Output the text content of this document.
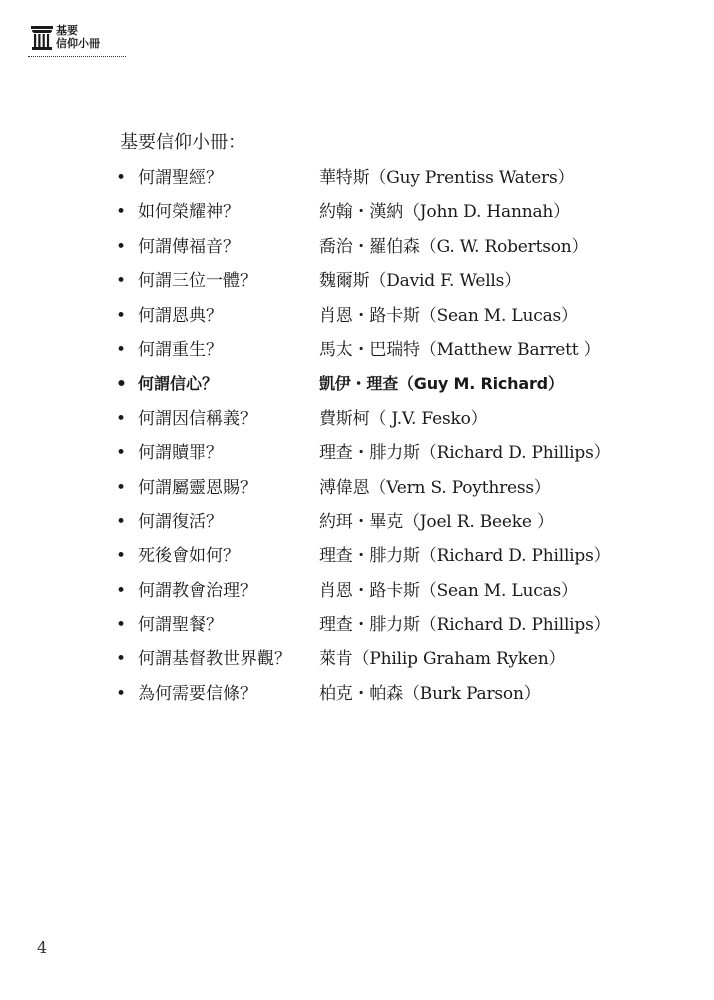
基要
信仰小冊
基要信仰小冊：
• 何謂聖經？	華特斯（Guy Prentiss Waters）
• 如何榮耀神？	約翰・漢納（John D. Hannah）
• 何謂傳福音？	喬治・羅伯森（G. W. Robertson）
• 何謂三位一體？	魏爾斯（David F. Wells）
• 何謂恩典？	肖恩・路卡斯（Sean M. Lucas）
• 何謂重生？	馬太・巴瑞特（Matthew Barrett ）
• 何謂信心？	凱伊・理查（Guy M. Richard）
• 何謂因信稱義？	費斯柯（ J.V. Fesko）
• 何謂贖罪？	理查・腓力斯（Richard D. Phillips）
• 何謂屬靈恩賜？	溥偉恩（Vern S. Poythress）
• 何謂復活？	約珥・畢克（Joel R. Beeke ）
• 死後會如何？	理查・腓力斯（Richard D. Phillips）
• 何謂教會治理？	肖恩・路卡斯（Sean M. Lucas）
• 何謂聖餐？	理查・腓力斯（Richard D. Phillips）
• 何謂基督教世界觀？ 萊肯（Philip Graham Ryken）
• 為何需要信條？	柏克・帕森（Burk Parson）
4
